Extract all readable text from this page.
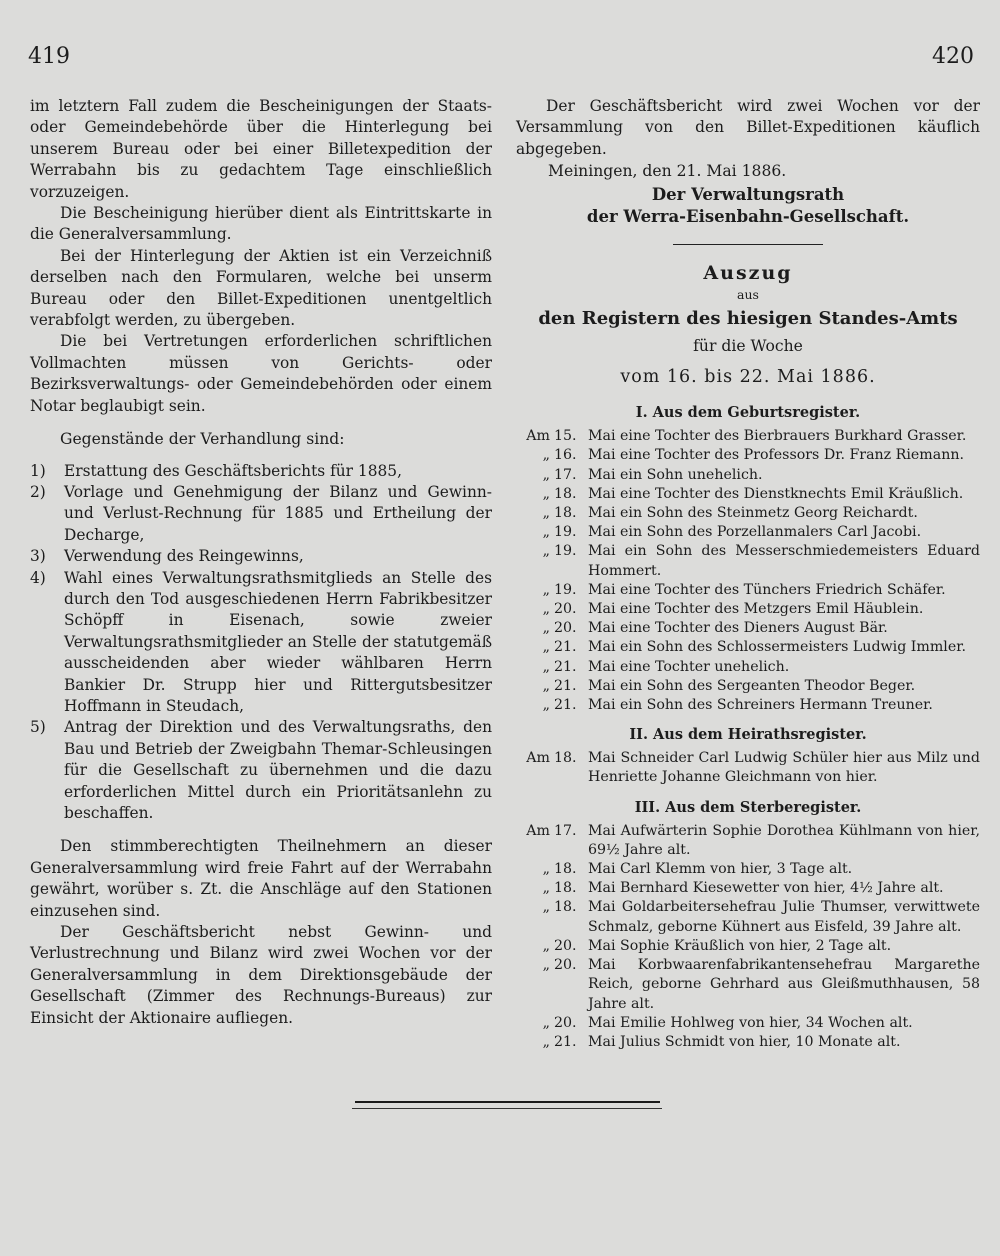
419	420

im letztern Fall zudem die Bescheinigungen der Staats- oder Gemeindebehörde über die Hinterlegung bei unserem Bureau oder bei einer Billetexpedition der Werrabahn bis zu gedachtem Tage einschließlich vorzuzeigen.

Die Bescheinigung hierüber dient als Eintrittskarte in die Generalversammlung.

Bei der Hinterlegung der Aktien ist ein Verzeichniß derselben nach den Formularen, welche bei unserm Bureau oder den Billet-Expeditionen unentgeltlich verabfolgt werden, zu übergeben.

Die bei Vertretungen erforderlichen schriftlichen Vollmachten müssen von Gerichts- oder Bezirksverwaltungs- oder Gemeindebehörden oder einem Notar beglaubigt sein.

Gegenstände der Verhandlung sind:

1) Erstattung des Geschäftsberichts für 1885,
2) Vorlage und Genehmigung der Bilanz und Gewinn- und Verlust-Rechnung für 1885 und Ertheilung der Decharge,
3) Verwendung des Reingewinns,
4) Wahl eines Verwaltungsrathsmitglieds an Stelle des durch den Tod ausgeschiedenen Herrn Fabrikbesitzer Schöpff in Eisenach, sowie zweier Verwaltungsrathsmitglieder an Stelle der statutgemäß ausscheidenden aber wieder wählbaren Herrn Bankier Dr. Strupp hier und Rittergutsbesitzer Hoffmann in Steudach,
5) Antrag der Direktion und des Verwaltungsraths, den Bau und Betrieb der Zweigbahn Themar-Schleusingen für die Gesellschaft zu übernehmen und die dazu erforderlichen Mittel durch ein Prioritätsanlehn zu beschaffen.

Den stimmberechtigten Theilnehmern an dieser Generalversammlung wird freie Fahrt auf der Werrabahn gewährt, worüber s. Zt. die Anschläge auf den Stationen einzusehen sind.

Der Geschäftsbericht nebst Gewinn- und Verlustrechnung und Bilanz wird zwei Wochen vor der Generalversammlung in dem Direktionsgebäude der Gesellschaft (Zimmer des Rechnungs-Bureaus) zur Einsicht der Aktionaire aufliegen.

Der Geschäftsbericht wird zwei Wochen vor der Versammlung von den Billet-Expeditionen käuflich abgegeben.

Meiningen, den 21. Mai 1886.

Der Verwaltungsrath

der Werra-Eisenbahn-Gesellschaft.

Auszug

aus

den Registern des hiesigen Standes-Amts

für die Woche

vom 16. bis 22. Mai 1886.

I. Aus dem Geburtsregister.

Am 15. Mai eine Tochter des Bierbrauers Burkhard Grasser.
„ 16. Mai eine Tochter des Professors Dr. Franz Riemann.
„ 17. Mai ein Sohn unehelich.
„ 18. Mai eine Tochter des Dienstknechts Emil Kräußlich.
„ 18. Mai ein Sohn des Steinmetz Georg Reichardt.
„ 19. Mai ein Sohn des Porzellanmalers Carl Jacobi.
„ 19. Mai ein Sohn des Messerschmiedemeisters Eduard Hommert.
„ 19. Mai eine Tochter des Tünchers Friedrich Schäfer.
„ 20. Mai eine Tochter des Metzgers Emil Häublein.
„ 20. Mai eine Tochter des Dieners August Bär.
„ 21. Mai ein Sohn des Schlossermeisters Ludwig Immler.
„ 21. Mai eine Tochter unehelich.
„ 21. Mai ein Sohn des Sergeanten Theodor Beger.
„ 21. Mai ein Sohn des Schreiners Hermann Treuner.

II. Aus dem Heirathsregister.

Am 18. Mai Schneider Carl Ludwig Schüler hier aus Milz und Henriette Johanne Gleichmann von hier.

III. Aus dem Sterberegister.

Am 17. Mai Aufwärterin Sophie Dorothea Kühlmann von hier, 69½ Jahre alt.
„ 18. Mai Carl Klemm von hier, 3 Tage alt.
„ 18. Mai Bernhard Kiesewetter von hier, 4½ Jahre alt.
„ 18. Mai Goldarbeitersehefrau Julie Thumser, verwittwete Schmalz, geborne Kühnert aus Eisfeld, 39 Jahre alt.
„ 20. Mai Sophie Kräußlich von hier, 2 Tage alt.
„ 20. Mai Korbwaarenfabrikantensehefrau Margarethe Reich, geborne Gehrhard aus Gleißmuthhausen, 58 Jahre alt.
„ 20. Mai Emilie Hohlweg von hier, 34 Wochen alt.
„ 21. Mai Julius Schmidt von hier, 10 Monate alt.
